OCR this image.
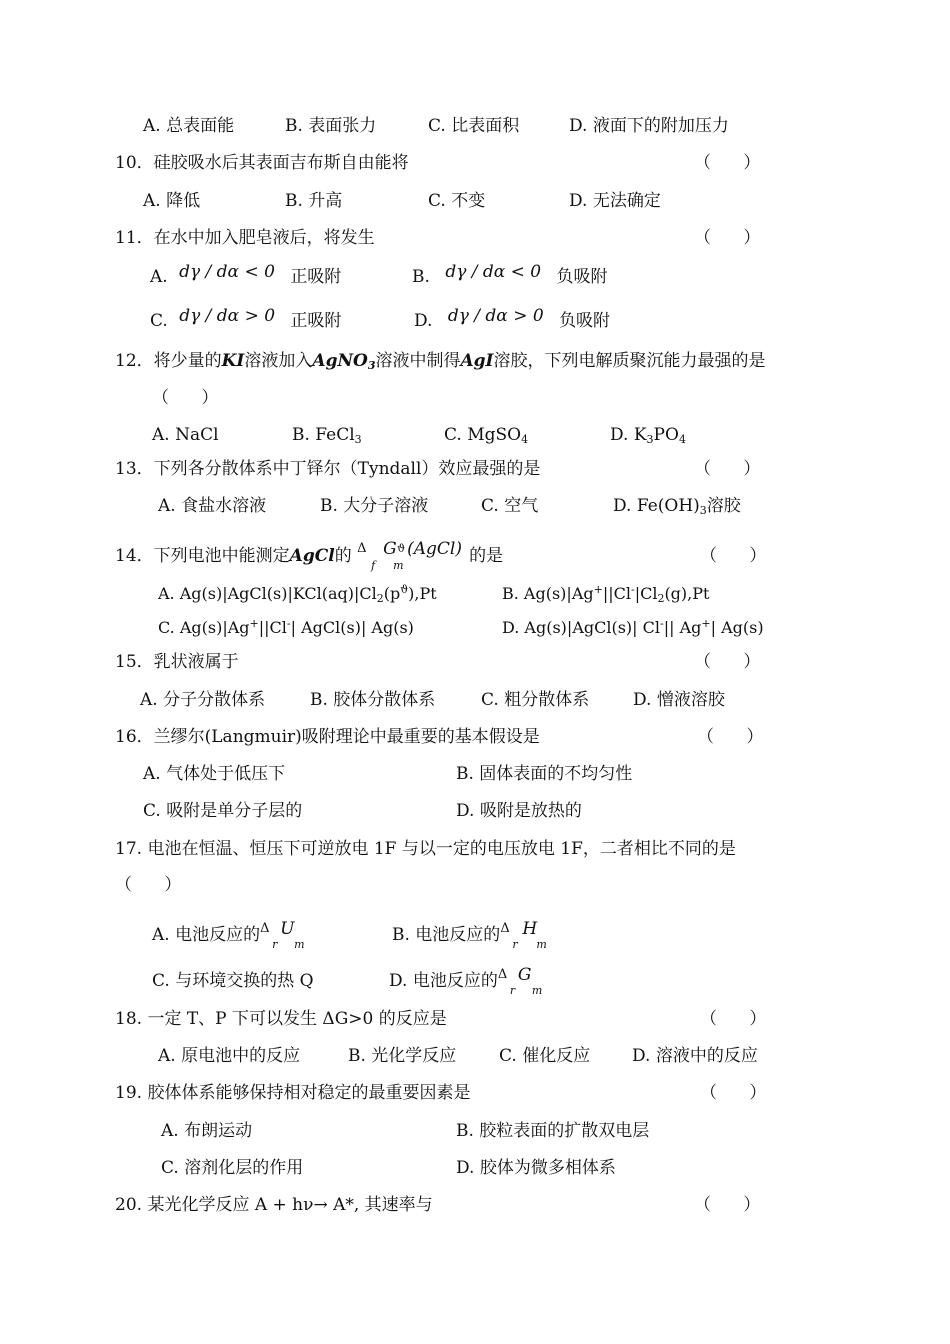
A. 总表面能	B. 表面张力	C. 比表面积	D. 液面下的附加压力
10．硅胶吸水后其表面吉布斯自由能将	（      ）
A. 降低	B. 升高	C. 不变	D. 无法确定
11．在水中加入肥皂液后，将发生	（      ）
A. dγ / dα < 0 正吸附	B. dγ / dα < 0 负吸附
C. dγ / dα > 0 正吸附	D. dγ / dα > 0 负吸附
12．将少量的KI溶液加入AgNO$_3$溶液中制得AgI溶胶，下列电解质聚沉能力最强的是
（      ）
A. NaCl	B. FeCl$_3$	C. MgSO$_4$	D. $K_3PO_4$
13．下列各分散体系中丁铎尔（Tyndall）效应最强的是	（      ）
A. 食盐水溶液	B. 大分子溶液	C. 空气	D. $Fe(OH)_3$溶胶
14．下列电池中能测定AgCl的 Δ
f
G ϑ
m
(AgCl) 的是	（      ）
A. $Ag(s)|AgCl(s)|KCl(aq)|Cl_2(p^ϑ),Pt$	B. $Ag(s)|Ag^+||Cl^-|Cl_2(g),Pt$
C. Ag(s)|Ag+||Cl-| AgCl(s)| Ag(s)	D. Ag(s)|AgCl(s)| Cl-|| Ag+| Ag(s)
15．乳状液属于	（      ）
A. 分子分散体系	B. 胶体分散体系	C. 粗分散体系	D. 憎液溶胶
16．兰缪尔(Langmuir)吸附理论中最重要的基本假设是	（      ）
A. 气体处于低压下	B. 固体表面的不均匀性
C. 吸附是单分子层的	D. 吸附是放热的
17. 电池在恒温、恒压下可逆放电 1F 与以一定的电压放电 1F，二者相比不同的是
（      ）
A. 电池反应的 Δ
r
U
m	B. 电池反应的 Δ
r
H
m
C. 与环境交换的热 Q	D. 电池反应的 Δ
r
G
m
18. 一定 T、P 下可以发生 ΔG>0 的反应是	（      ）
A. 原电池中的反应	B. 光化学反应	C. 催化反应 D. 溶液中的反应
19. 胶体体系能够保持相对稳定的最重要因素是	（      ）
A. 布朗运动	B. 胶粒表面的扩散双电层
C. 溶剂化层的作用	D. 胶体为微多相体系
20. 某光化学反应 A + hν→ A*, 其速率与	（      ）
